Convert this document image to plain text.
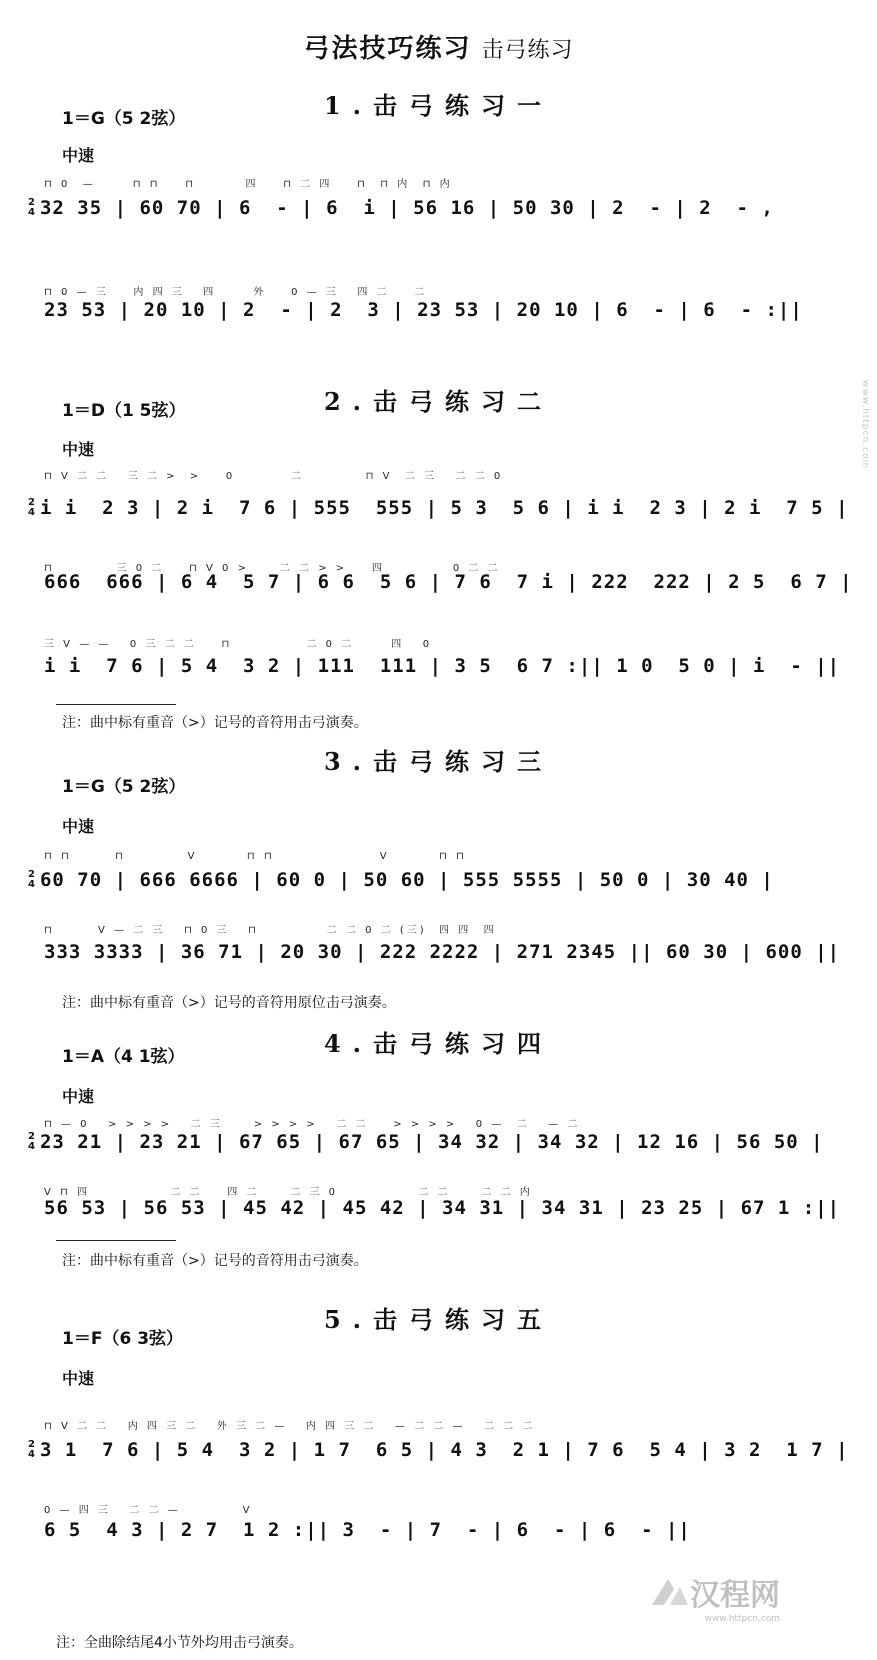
弓法技巧练习 击弓练习
www.httpcn.com
1.击弓练习一
1＝G（5 2弦）
中速
⊓ 0  —      ⊓ ⊓    ⊓        四    ⊓ 二 四    ⊓  ⊓ 内  ⊓ 内
2
4 32 35 | 60 70 | 6  - | 6  i | 56 16 | 50 30 | 2  - | 2  - ,
⊓ 0 — 三    内 四 三   四      外    0 — 三   四 二    二
23 53 | 20 10 | 2  - | 2  3 | 23 53 | 20 10 | 6  - | 6  - :||
2.击弓练习二
1＝D（1 5弦）
中速
⊓ V 二 二   三 二 >  >    0         二          ⊓ V  二 三   二 二 0
2
4 i i  2 3 | 2 i  7 6 | 555  555 | 5 3  5 6 | i i  2 3 | 2 i  7 5 |
⊓          三 0 二    ⊓ V 0 >     二 二 > >    四           0 二 二
666  666 | 6 4  5 7 | 6 6  5 6 | 7 6  7 i | 222  222 | 2 5  6 7 |
三 V — —   0 三 二 二    ⊓            二 0 二      四   0
i i  7 6 | 5 4  3 2 | 111  111 | 3 5  6 7 :|| 1 0  5 0 | i  - ||
注：曲中标有重音（>）记号的音符用击弓演奏。
3.击弓练习三
1＝G（5 2弦）
中速
⊓ ⊓       ⊓          V        ⊓ ⊓                 V        ⊓ ⊓
2
4 60 70 | 666 6666 | 60 0 | 50 60 | 555 5555 | 50 0 | 30 40 |
⊓       V — 二 三   ⊓ 0 三   ⊓           二 二 0 二 (三)  四 四  四
333 3333 | 36 71 | 20 30 | 222 2222 | 271 2345 || 60 30 | 600 ||
注：曲中标有重音（>）记号的音符用原位击弓演奏。
4.击弓练习四
1＝A（4 1弦）
中速
⊓ — 0   > > > >   二 三     > > > >   二 二    > > > >   0 —  二   — 二
2
4 23 21 | 23 21 | 67 65 | 67 65 | 34 32 | 34 32 | 12 16 | 56 50 |
V ⊓ 四             二 二    四 二     二 三 0             二 二     二 二 内
56 53 | 56 53 | 45 42 | 45 42 | 34 31 | 34 31 | 23 25 | 67 1 :||
注：曲中标有重音（>）记号的音符用击弓演奏。
5.击弓练习五
1＝F（6 3弦）
中速
⊓ V 二 二   内 四 三 二   外 三 二 —   内 四 三 二   — 二 二 —   二 二 二
2
4 3 1  7 6 | 5 4  3 2 | 1 7  6 5 | 4 3  2 1 | 7 6  5 4 | 3 2  1 7 |
0 — 四 三   二 二 —          V
6 5  4 3 | 2 7  1 2 :|| 3  - | 7  - | 6  - | 6  - ||
注：全曲除结尾4小节外均用击弓演奏。
汉程网
www.httpcn.com
